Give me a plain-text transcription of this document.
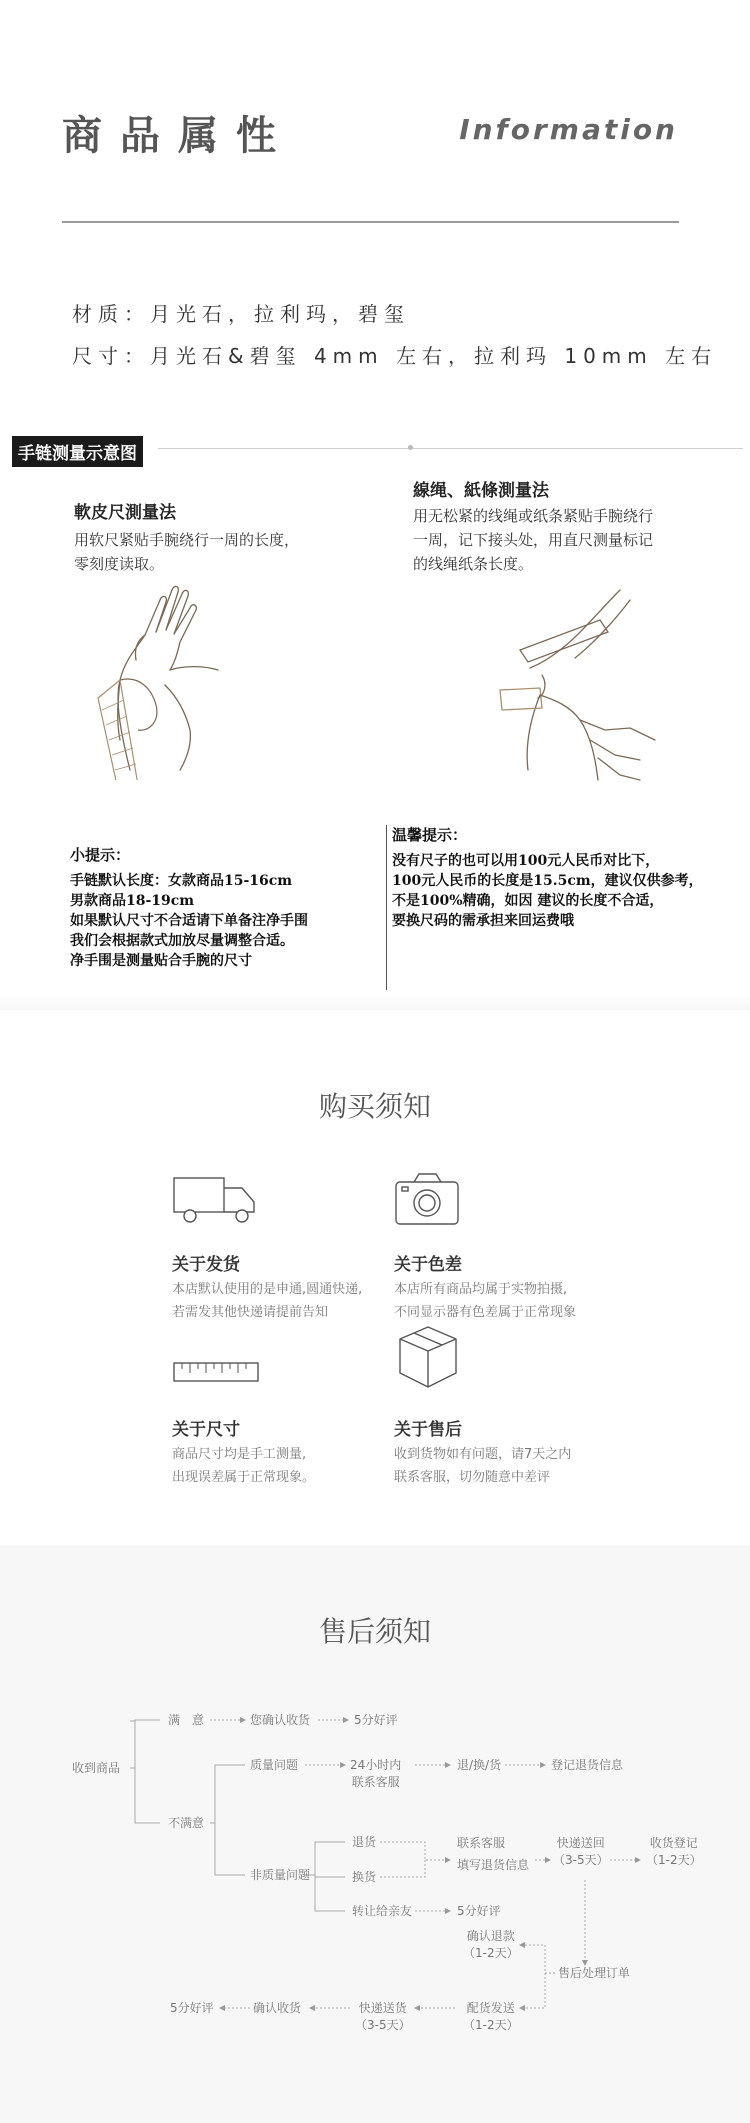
商品属性	Information
材质：月光石，拉利玛，碧玺
尺寸：月光石&碧玺 4mm 左右，拉利玛 10mm 左右
手链测量示意图
軟皮尺測量法
用软尺紧贴手腕绕行一周的长度，
零刻度读取。
線绳、紙條測量法
用无松紧的线绳或纸条紧贴手腕绕行
一周，记下接头处，用直尺测量标记
的线绳纸条长度。
小提示：
手链默认长度：女款商品15-16cm
男款商品18-19cm
如果默认尺寸不合适请下单备注净手围
我们会根据款式加放尽量调整合适。
净手围是测量贴合手腕的尺寸
温馨提示：
没有尺子的也可以用100元人民币对比下，
100元人民币的长度是15.5cm，建议仅供参考，
不是100%精确，如因 建议的长度不合适，
要换尺码的需承担来回运费哦
购买须知
关于发货
本店默认使用的是申通,圆通快递,
若需发其他快递请提前告知
关于色差
本店所有商品均属于实物拍摄,
不同显示器有色差属于正常现象
关于尺寸
商品尺寸均是手工测量,
出现误差属于正常现象。
关于售后
收到货物如有问题，请7天之内
联系客服，切勿随意中差评
售后须知
收到商品
满　意	您确认收货	5分好评
不满意
质量问题	24小时内
联系客服
退/换/货	登记退货信息
非质量问题
退货
换货
转让给亲友	5分好评
联系客服
填写退货信息
快递送回
（3-5天）
收货登记
（1-2天）
确认退款
（1-2天）
售后处理订单
配货发送
（1-2天）
快递送货
（3-5天）
确认收货
5分好评
